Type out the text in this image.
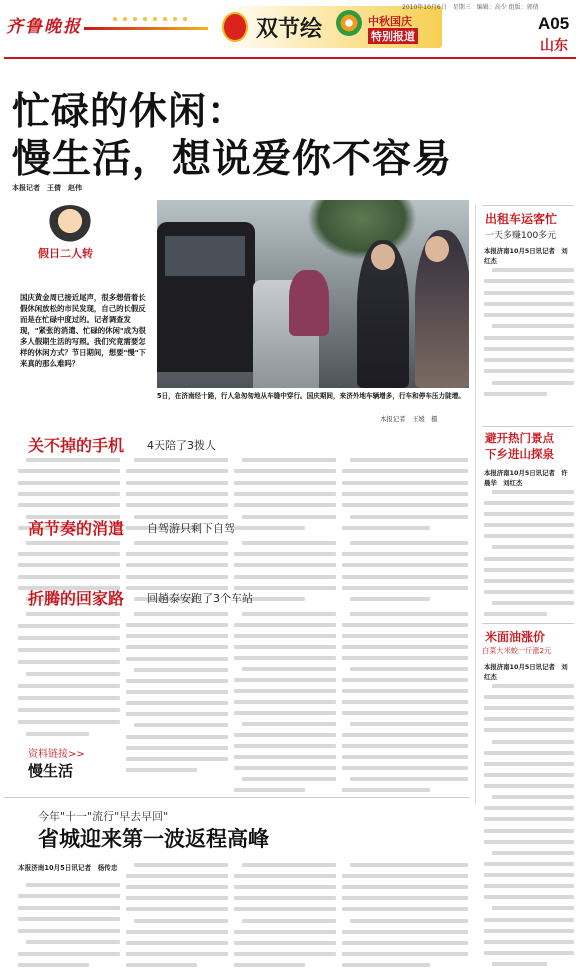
齐鲁晚报	双节绘	中秋国庆
特别报道
2010年10月6日　星期三　编辑：高少 组版：郭倩
A05
山东
忙碌的休闲：
慢生活，想说爱你不容易
本报记者　王倩　赵伟
假日二人转
国庆黄金周已接近尾声，很多想借着长假休闲放松的市民发现，自己的长假反而是在忙碌中度过的。记者调查发现，"紧张的消遣、忙碌的休闲"成为很多人假期生活的写照。我们究竟需要怎样的休闲方式？节日期间，想要"慢"下来真的那么难吗？
5日，在济南经十路，行人急匆匆地从车缝中穿行。国庆期间，来济外地车辆增多，行车和停车压力陡增。
本报记者　王媛　摄
关不掉的手机 4天陪了3拨人
高节奏的消遣 自驾游只剩下自驾
折腾的回家路 回趟泰安跑了3个车站
资料链接>>
慢生活
今年"十一"流行"早去早回"
省城迎来第一波返程高峰
本报济南10月5日讯记者　杨传忠
出租车运客忙
一天多赚100多元
本报济南10月5日讯记者　刘红杰
避开热门景点
下乡进山探泉
本报济南10月5日讯记者　许晨华　刘红杰
米面油涨价
白菜大米蛟一斤涨2元
本报济南10月5日讯记者　刘红杰
